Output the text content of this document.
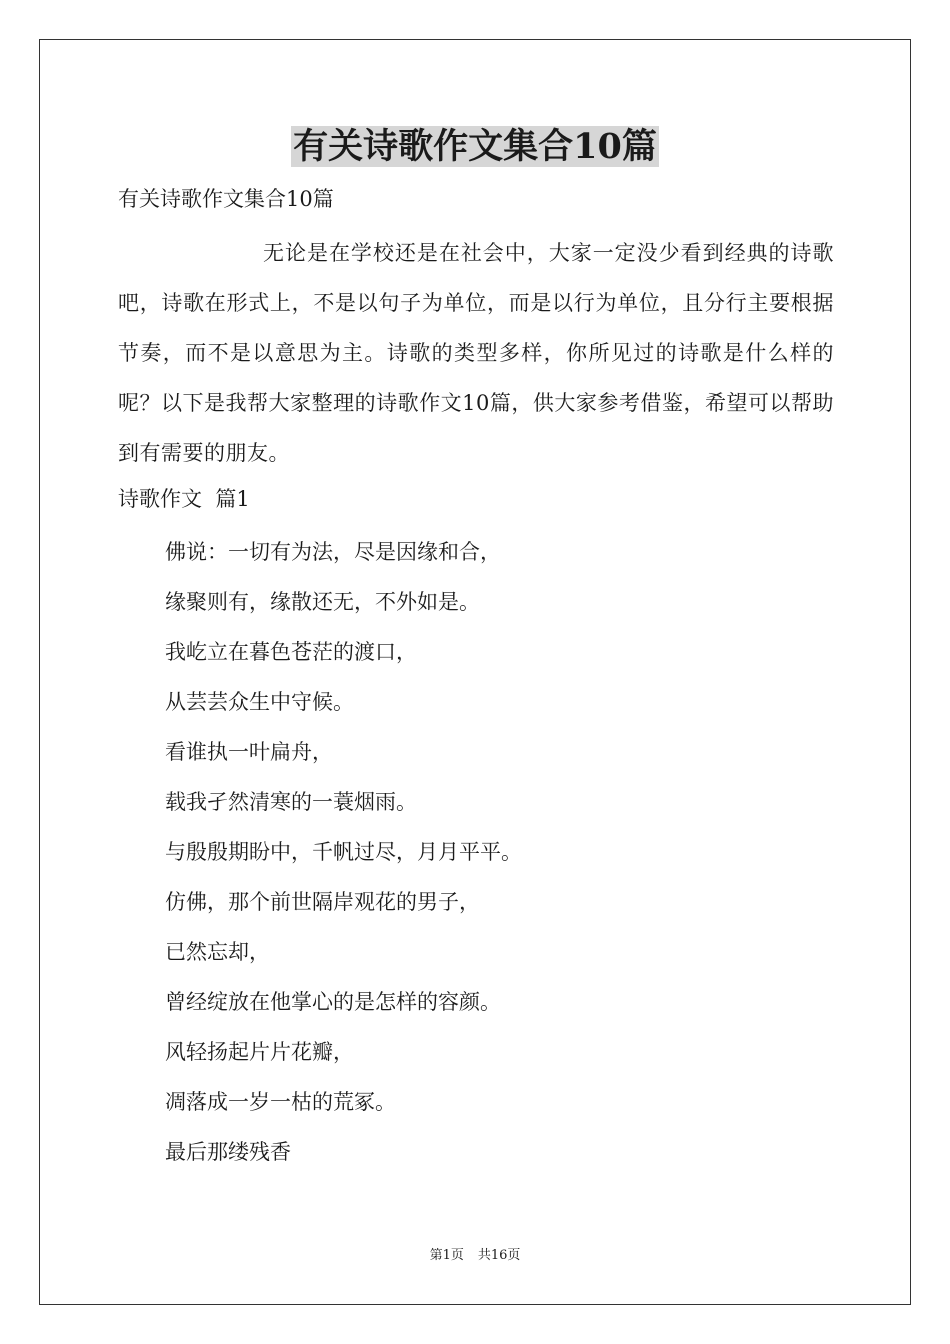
有关诗歌作文集合10篇

有关诗歌作文集合10篇

无论是在学校还是在社会中，大家一定没少看到经典的诗歌吧，诗歌在形式上，不是以句子为单位，而是以行为单位，且分行主要根据节奏，而不是以意思为主。诗歌的类型多样，你所见过的诗歌是什么样的呢？以下是我帮大家整理的诗歌作文10篇，供大家参考借鉴，希望可以帮助到有需要的朋友。

诗歌作文  篇1

佛说：一切有为法，尽是因缘和合，
缘聚则有，缘散还无，不外如是。
我屹立在暮色苍茫的渡口，
从芸芸众生中守候。
看谁执一叶扁舟，
载我孑然清寒的一蓑烟雨。
与殷殷期盼中，千帆过尽，月月平平。
仿佛，那个前世隔岸观花的男子，
已然忘却，
曾经绽放在他掌心的是怎样的容颜。
风轻扬起片片花瓣，
凋落成一岁一枯的荒冢。
最后那缕残香
第1页 共16页
